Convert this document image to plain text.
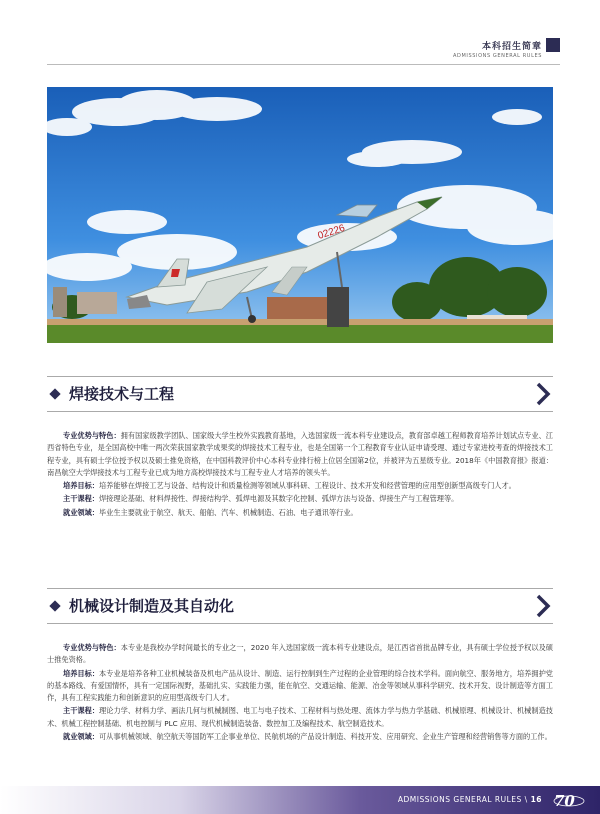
本科招生简章
ADMISSIONS GENERAL RULES
02226
焊接技术与工程

专业优势与特色：拥有国家级教学团队、国家级大学生校外实践教育基地，入选国家级一流本科专业建设点，教育部卓越工程师教育培养计划试点专业、江西省特色专业，是全国高校中唯一两次荣获国家教学成果奖的焊接技术工程专业，也是全国第一个工程教育专业认证申请受理、通过专家进校考查的焊接技术工程专业，具有硕士学位授予权以及硕士推免资格，在中国科教评价中心本科专业排行榜上位居全国第2位，并被评为五星级专业。2018年《中国教育报》报道：南昌航空大学焊接技术与工程专业已成为地方高校焊接技术与工程专业人才培养的领头羊。

培养目标：培养能够在焊接工艺与设备、结构设计和质量检测等领域从事科研、工程设计、技术开发和经营管理的应用型创新型高级专门人才。

主干课程：焊接理论基础、材料焊接性、焊接结构学、弧焊电源及其数字化控制、弧焊方法与设备、焊接生产与工程管理等。

就业领域：毕业生主要就业于航空、航天、船舶、汽车、机械制造、石油、电子通讯等行业。

机械设计制造及其自动化

专业优势与特色：本专业是我校办学时间最长的专业之一，2020 年入选国家级一流本科专业建设点，是江西省首批品牌专业，具有硕士学位授予权以及硕士推免资格。

培养目标：本专业是培养各种工业机械装备及机电产品从设计、制造、运行控制到生产过程的企业管理的综合技术学科。面向航空、服务地方，培养拥护党的基本路线、有爱国情怀，具有一定国际视野，基础扎实、实践能力强，能在航空、交通运输、能源、冶金等领域从事科学研究、技术开发、设计制造等方面工作，具有工程实践能力和创新意识的应用型高级专门人才。

主干课程：理论力学、材料力学、画法几何与机械制图、电工与电子技术、工程材料与热处理、流体力学与热力学基础、机械原理、机械设计、机械制造技术、机械工程控制基础、机电控制与 PLC 应用、现代机械制造装备、数控加工及编程技术、航空制造技术。

就业领域：可从事机械领域、航空航天等国防军工企事业单位、民航机场的产品设计制造、科技开发、应用研究、企业生产管理和经营销售等方面的工作。

ADMISSIONS GENERAL RULES \ 16 70
